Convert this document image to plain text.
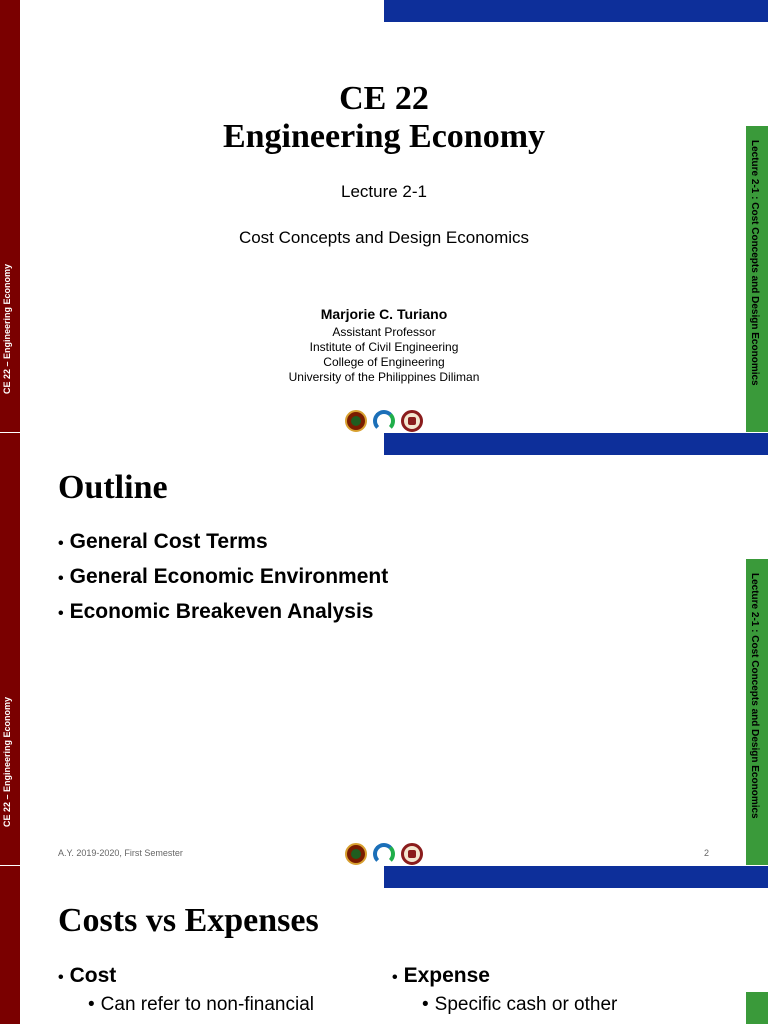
CE 22 – Engineering Economy	Lecture 2-1 : Cost Concepts and Design Economics
CE 22
Engineering Economy
Lecture 2-1
Cost Concepts and Design Economics
Marjorie C. Turiano
Assistant Professor
Institute of Civil Engineering
College of Engineering
University of the Philippines Diliman
CE 22 – Engineering Economy	Lecture 2-1 : Cost Concepts and Design Economics
Outline
• General Cost Terms
• General Economic Environment
• Economic Breakeven Analysis
A.Y. 2019-2020, First Semester	2
Costs vs Expenses
• Cost
• Can refer to non-financial
• Expense
• Specific cash or other
